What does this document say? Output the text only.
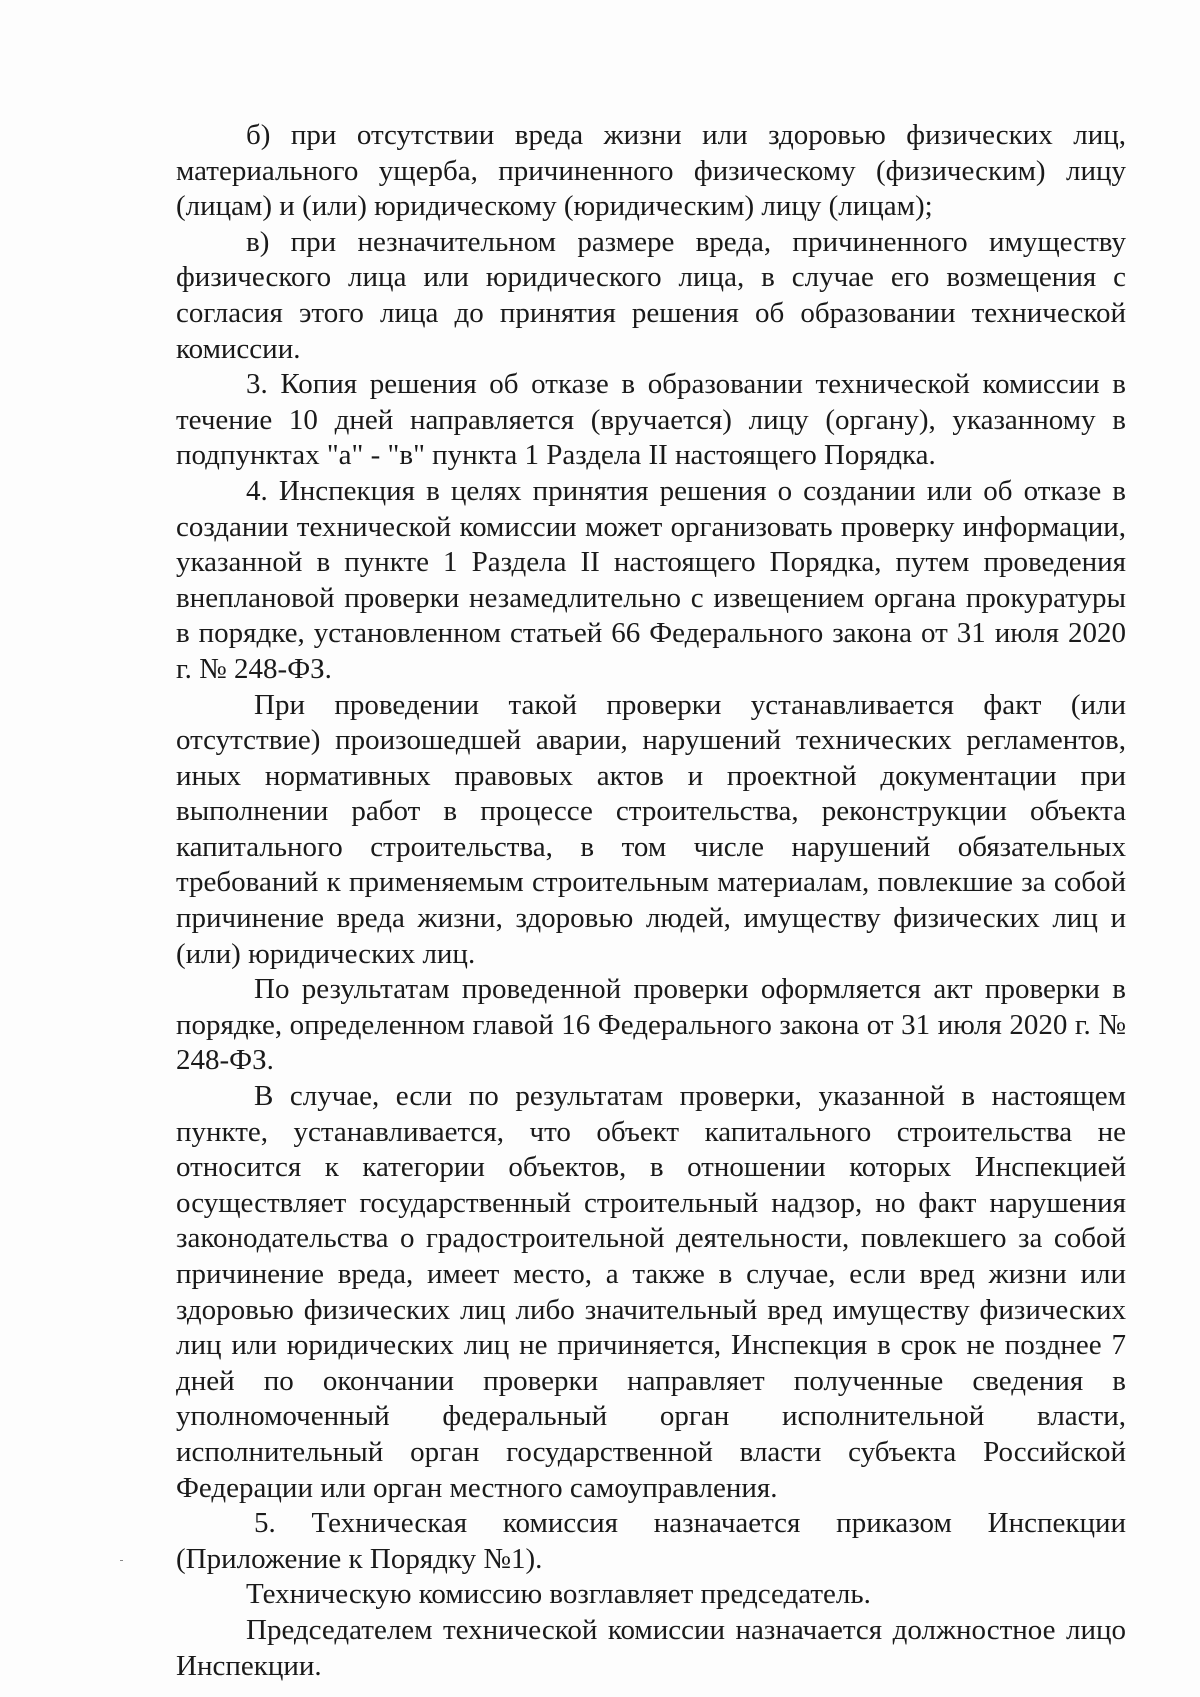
б) при отсутствии вреда жизни или здоровью физических лиц, материального ущерба, причиненного физическому (физическим) лицу (лицам) и (или) юридическому (юридическим) лицу (лицам);

в) при незначительном размере вреда, причиненного имуществу физического лица или юридического лица, в случае его возмещения с согласия этого лица до принятия решения об образовании технической комиссии.

3. Копия решения об отказе в образовании технической комиссии в течение 10 дней направляется (вручается) лицу (органу), указанному в подпунктах "а" - "в" пункта 1 Раздела II настоящего Порядка.

4. Инспекция в целях принятия решения о создании или об отказе в создании технической комиссии может организовать проверку информации, указанной в пункте 1 Раздела II настоящего Порядка, путем проведения внеплановой проверки незамедлительно с извещением органа прокуратуры в порядке, установленном статьей 66 Федерального закона от 31 июля 2020 г. № 248-ФЗ.

При проведении такой проверки устанавливается факт (или отсутствие) произошедшей аварии, нарушений технических регламентов, иных нормативных правовых актов и проектной документации при выполнении работ в процессе строительства, реконструкции объекта капитального строительства, в том числе нарушений обязательных требований к применяемым строительным материалам, повлекшие за собой причинение вреда жизни, здоровью людей, имуществу физических лиц и (или) юридических лиц.

По результатам проведенной проверки оформляется акт проверки в порядке, определенном главой 16 Федерального закона от 31 июля 2020 г. № 248-ФЗ.

В случае, если по результатам проверки, указанной в настоящем пункте, устанавливается, что объект капитального строительства не относится к категории объектов, в отношении которых Инспекцией осуществляет государственный строительный надзор, но факт нарушения законодательства о градостроительной деятельности, повлекшего за собой причинение вреда, имеет место, а также в случае, если вред жизни или здоровью физических лиц либо значительный вред имуществу физических лиц или юридических лиц не причиняется, Инспекция в срок не позднее 7 дней по окончании проверки направляет полученные сведения в уполномоченный федеральный орган исполнительной власти, исполнительный орган государственной власти субъекта Российской Федерации или орган местного самоуправления.

5. Техническая комиссия назначается приказом Инспекции (Приложение к Порядку №1).

Техническую комиссию возглавляет председатель.

Председателем технической комиссии назначается должностное лицо Инспекции.
